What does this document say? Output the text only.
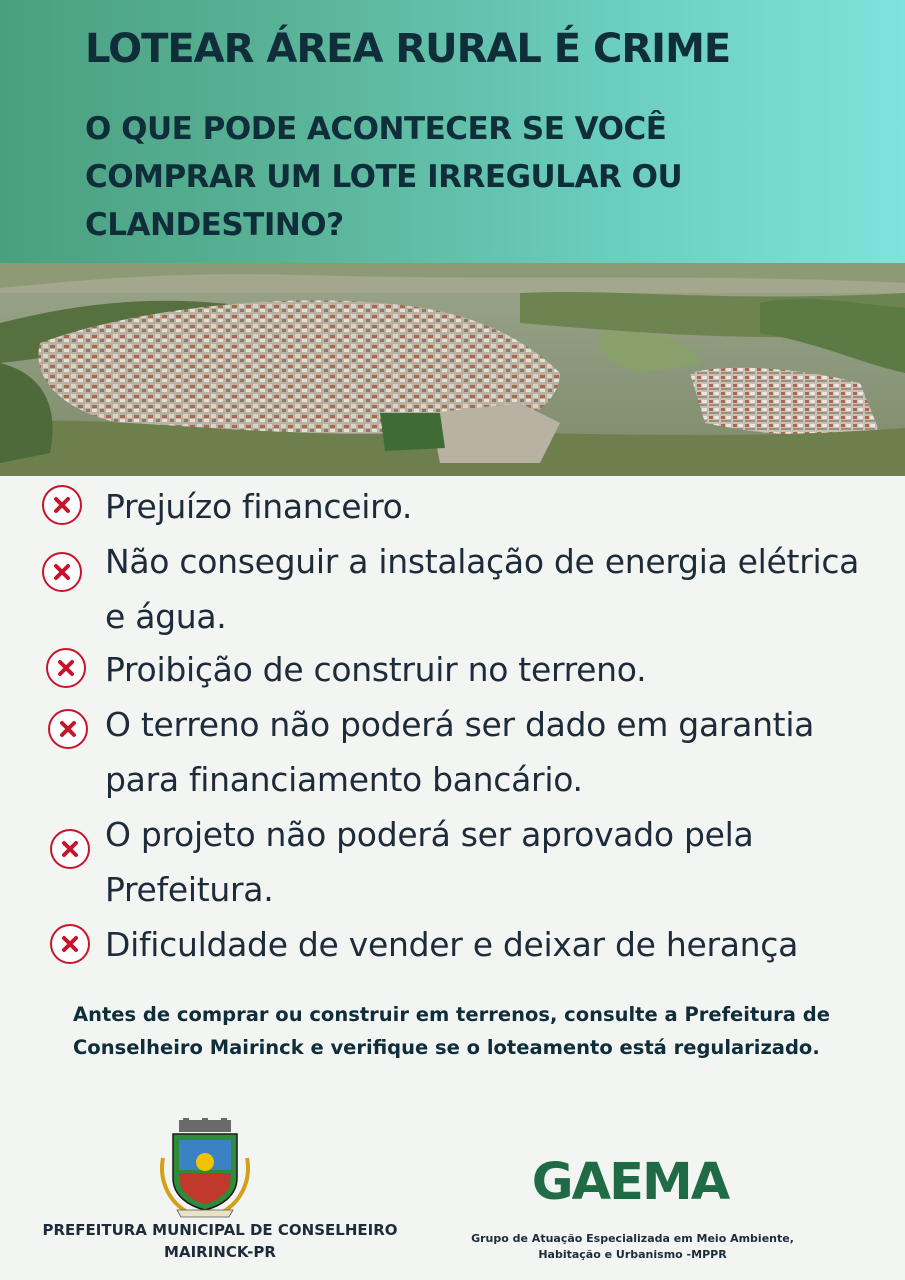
LOTEAR ÁREA RURAL É CRIME
O QUE PODE ACONTECER SE VOCÊ COMPRAR UM LOTE IRREGULAR OU CLANDESTINO?

Prejuízo financeiro.

Não conseguir a instalação de energia elétrica e água.

Proibição de construir no terreno.

O terreno não poderá ser dado em garantia para financiamento bancário.

O projeto não poderá ser aprovado pela Prefeitura.

Dificuldade de vender e deixar de herança

Antes de comprar ou construir em terrenos, consulte a Prefeitura de Conselheiro Mairinck e verifique se o loteamento está regularizado.

PREFEITURA MUNICIPAL DE CONSELHEIRO MAIRINCK-PR

GAEMA

Grupo de Atuação Especializada em Meio Ambiente, Habitação e Urbanismo -MPPR
